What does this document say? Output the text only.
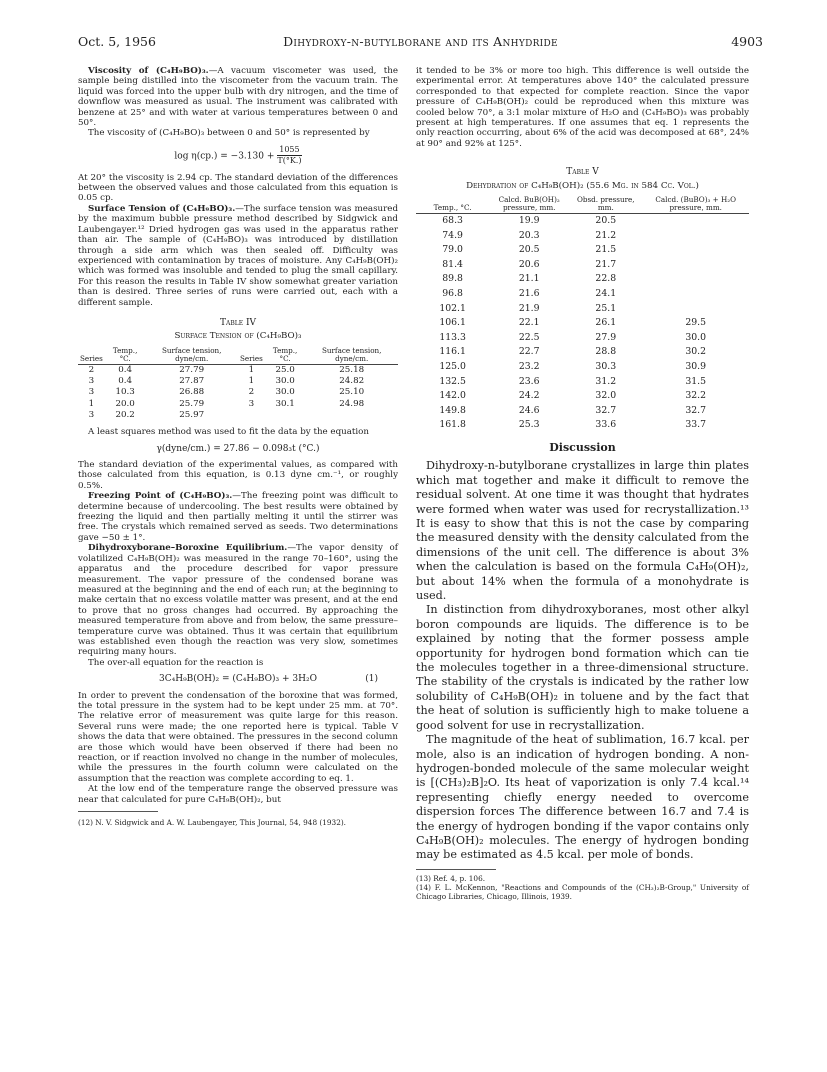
Oct. 5, 1956	Dihydroxy-n-butylborane and its Anhydride	4903

Viscosity of (C₄H₉BO)₃.—A vacuum viscometer was used, the sample being distilled into the viscometer from the vacuum train. The liquid was forced into the upper bulb with dry nitrogen, and the time of downflow was measured as usual. The instrument was calibrated with benzene at 25° and with water at various temperatures between 0 and 50°.

The viscosity of (C₄H₉BO)₃ between 0 and 50° is represented by

$\log \eta(cp.) = -3.130 + \frac{1055}{T(^\circ K.)}$

At 20° the viscosity is 2.94 cp. The standard deviation of the differences between the observed values and those calculated from this equation is 0.05 cp.

Surface Tension of (C₄H₉BO)₃.—The surface tension was measured by the maximum bubble pressure method described by Sidgwick and Laubengayer.¹² Dried hydrogen gas was used in the apparatus rather than air. The sample of (C₄H₉BO)₃ was introduced by distillation through a side arm which was then sealed off. Difficulty was experienced with contamination by traces of moisture. Any C₄H₉B(OH)₂ which was formed was insoluble and tended to plug the small capillary. For this reason the results in Table IV show somewhat greater variation than is desired. Three series of runs were carried out, each with a different sample.

Table IV
Surface Tension of (C₄H₉BO)₃
Series	Temp., °C.	Surface tension, dyne/cm.	Series	Temp., °C.	Surface tension, dyne/cm.
2	0.4	27.79	1	25.0	25.18
3	0.4	27.87	1	30.0	24.82
3	10.3	26.88	2	30.0	25.10
1	20.0	25.79	3	30.1	24.98
3	20.2	25.97			

A least squares method was used to fit the data by the equation

γ(dyne/cm.) = 27.86 − 0.098₃t (°C.)

The standard deviation of the experimental values, as compared with those calculated from this equation, is 0.13 dyne cm.⁻¹, or roughly 0.5%.

Freezing Point of (C₄H₉BO)₃.—The freezing point was difficult to determine because of undercooling. The best results were obtained by freezing the liquid and then partially melting it until the stirrer was free. The crystals which remained served as seeds. Two determinations gave −50 ± 1°.

Dihydroxyborane–Boroxine Equilibrium.—The vapor density of volatilized C₄H₉B(OH)₂ was measured in the range 70–160°, using the apparatus and the procedure described for vapor pressure measurement. The vapor pressure of the condensed borane was measured at the beginning and the end of each run; at the beginning to make certain that no excess volatile matter was present, and at the end to prove that no gross changes had occurred. By approaching the measured temperature from above and from below, the same pressure–temperature curve was obtained. Thus it was certain that equilibrium was established even though the reaction was very slow, sometimes requiring many hours.

The over-all equation for the reaction is

3C₄H₉B(OH)₂ = (C₄H₉BO)₃ + 3H₂O	(1)

In order to prevent the condensation of the boroxine that was formed, the total pressure in the system had to be kept under 25 mm. at 70°. The relative error of measurement was quite large for this reason. Several runs were made; the one reported here is typical. Table V shows the data that were obtained. The pressures in the second column are those which would have been observed if there had been no reaction, or if reaction involved no change in the number of molecules, while the pressures in the fourth column were calculated on the assumption that the reaction was complete according to eq. 1.

At the low end of the temperature range the observed pressure was near that calculated for pure C₄H₉B(OH)₂, but

(12) N. V. Sidgwick and A. W. Laubengayer, This Journal, 54, 948 (1932).

it tended to be 3% or more too high. This difference is well outside the experimental error. At temperatures above 140° the calculated pressure corresponded to that expected for complete reaction. Since the vapor pressure of C₄H₉B(OH)₂ could be reproduced when this mixture was cooled below 70°, a 3:1 molar mixture of H₂O and (C₄H₉BO)₃ was probably present at high temperatures. If one assumes that eq. 1 represents the only reaction occurring, about 6% of the acid was decomposed at 68°, 24% at 90° and 92% at 125°.

Table V
Dehydration of C₄H₉B(OH)₂ (55.6 Mg. in 584 Cc. Vol.)
Temp., °C.	Calcd. BuB(OH)₂ pressure, mm.	Obsd. pressure, mm.	Calcd. (BuBO)₃ + H₂O pressure, mm.
68.3	19.9	20.5	
74.9	20.3	21.2	
79.0	20.5	21.5	
81.4	20.6	21.7	
89.8	21.1	22.8	
96.8	21.6	24.1	
102.1	21.9	25.1	
106.1	22.1	26.1	29.5
113.3	22.5	27.9	30.0
116.1	22.7	28.8	30.2
125.0	23.2	30.3	30.9
132.5	23.6	31.2	31.5
142.0	24.2	32.0	32.2
149.8	24.6	32.7	32.7
161.8	25.3	33.6	33.7
Discussion

Dihydroxy-n-butylborane crystallizes in large thin plates which mat together and make it difficult to remove the residual solvent. At one time it was thought that hydrates were formed when water was used for recrystallization.¹³ It is easy to show that this is not the case by comparing the measured density with the density calculated from the dimensions of the unit cell. The difference is about 3% when the calculation is based on the formula C₄H₉(OH)₂, but about 14% when the formula of a monohydrate is used.

In distinction from dihydroxyboranes, most other alkyl boron compounds are liquids. The difference is to be explained by noting that the former possess ample opportunity for hydrogen bond formation which can tie the molecules together in a three-dimensional structure. The stability of the crystals is indicated by the rather low solubility of C₄H₉B(OH)₂ in toluene and by the fact that the heat of solution is sufficiently high to make toluene a good solvent for use in recrystallization.

The magnitude of the heat of sublimation, 16.7 kcal. per mole, also is an indication of hydrogen bonding. A non-hydrogen-bonded molecule of the same molecular weight is [(CH₃)₂B]₂O. Its heat of vaporization is only 7.4 kcal.¹⁴ representing chiefly energy needed to overcome dispersion forces The difference between 16.7 and 7.4 is the energy of hydrogen bonding if the vapor contains only C₄H₉B(OH)₂ molecules. The energy of hydrogen bonding may be estimated as 4.5 kcal. per mole of bonds.

(13) Ref. 4, p. 106.

(14) F. L. McKennon, "Reactions and Compounds of the (CH₃)₂B-Group," University of Chicago Libraries, Chicago, Illinois, 1939.
